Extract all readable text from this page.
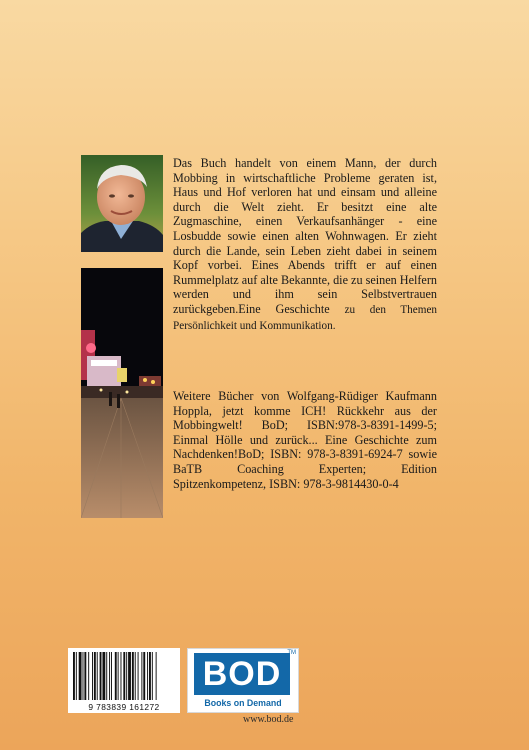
Das Buch handelt von einem Mann, der durch Mobbing in wirtschaftliche Probleme geraten ist, Haus und Hof verloren hat und einsam und alleine durch die Welt zieht. Er besitzt eine alte Zugmaschine, einen Verkaufsanhänger - eine Losbudde sowie einen alten Wohnwagen. Er zieht durch die Lande, sein Leben zieht dabei in seinem Kopf vorbei. Eines Abends trifft er auf einen Rummelplatz auf alte Bekannte, die zu seinen Helfern werden und ihm sein Selbstvertrauen zurückgeben.Eine Geschichte zu den Themen Persönlichkeit und Kommunikation.
Weitere Bücher von Wolfgang-Rüdiger Kaufmann Hoppla, jetzt komme ICH! Rückkehr aus der Mobbingwelt! BoD; ISBN:978-3-8391-1499-5; Einmal Hölle und zurück... Eine Geschichte zum Nachdenken!BoD; ISBN: 978-3-8391-6924-7 sowie BaTB Coaching Experten; Edition Spitzenkompetenz, ISBN: 978-3-9814430-0-4
9 783839 161272
BOD
TM
Books on Demand
www.bod.de
